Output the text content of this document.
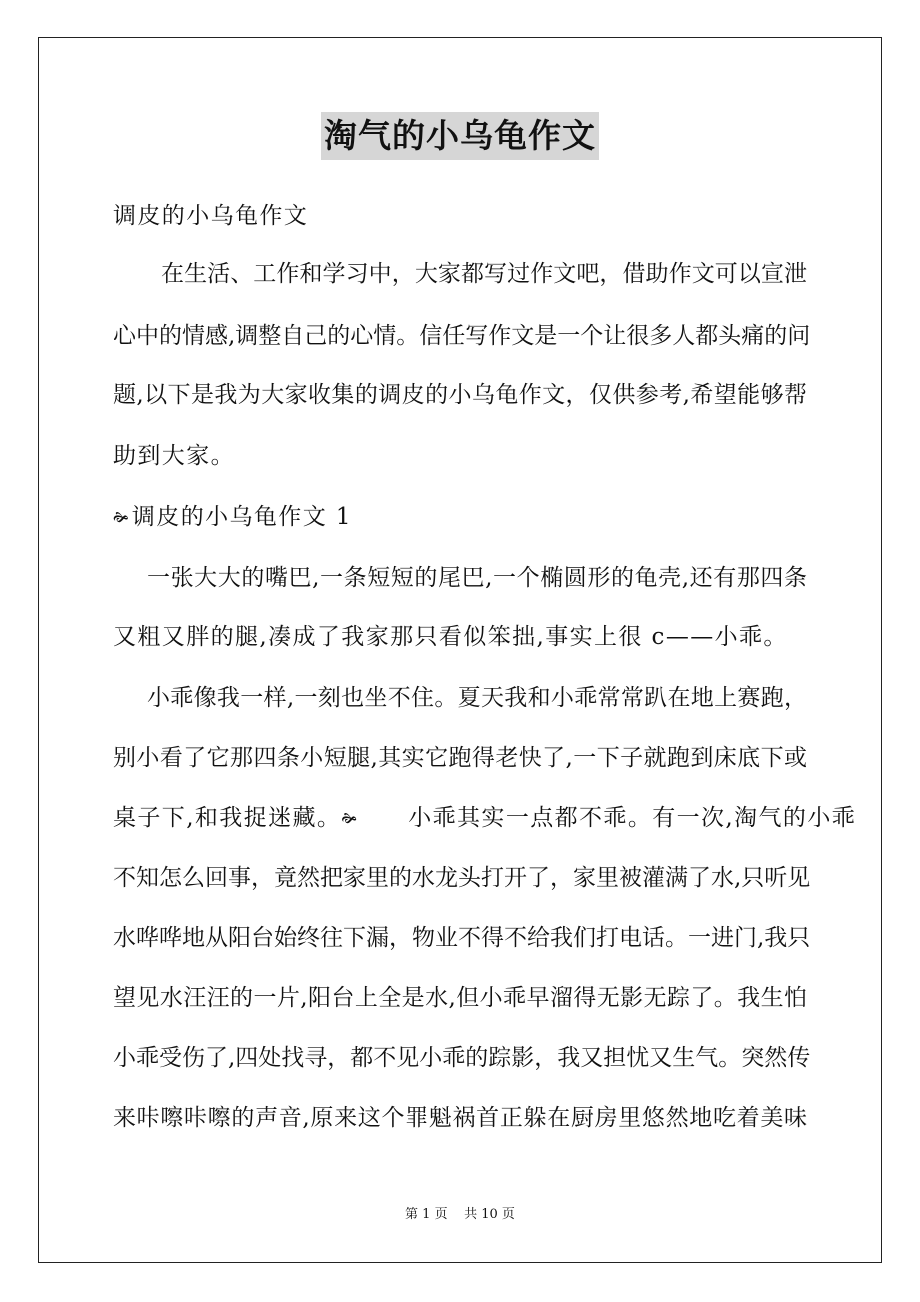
淘气的小乌龟作文
调皮的小乌龟作文
在生活、工作和学习中，大家都写过作文吧，借助作文可以宣泄
心中的情感,调整自己的心情。信任写作文是一个让很多人都头痛的问
题,以下是我为大家收集的调皮的小乌龟作文，仅供参考,希望能够帮
助到大家。
🙞调皮的小乌龟作文 1
一张大大的嘴巴,一条短短的尾巴,一个椭圆形的龟壳,还有那四条
又粗又胖的腿,凑成了我家那只看似笨拙,事实上很 c——小乖。
小乖像我一样,一刻也坐不住。夏天我和小乖常常趴在地上赛跑，
别小看了它那四条小短腿,其实它跑得老快了,一下子就跑到床底下或
桌子下,和我捉迷藏。🙞 小乖其实一点都不乖。有一次,淘气的小乖
不知怎么回事，竟然把家里的水龙头打开了，家里被灌满了水,只听见
水哗哗地从阳台始终往下漏，物业不得不给我们打电话。一进门,我只
望见水汪汪的一片,阳台上全是水,但小乖早溜得无影无踪了。我生怕
小乖受伤了,四处找寻，都不见小乖的踪影，我又担忧又生气。突然传
来咔嚓咔嚓的声音,原来这个罪魁祸首正躲在厨房里悠然地吃着美味
第 1 页 共 10 页
